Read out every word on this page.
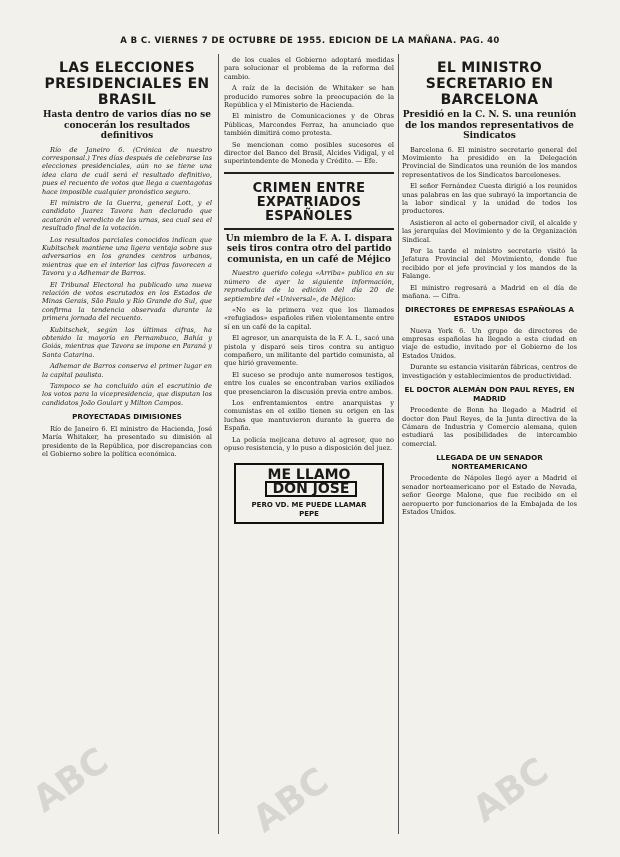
A B C. VIERNES 7 DE OCTUBRE DE 1955. EDICION DE LA MAÑANA. PAG. 40
LAS ELECCIONES PRESIDENCIALES EN BRASIL
Hasta dentro de varios días no se conocerán los resultados definitivos

Río de Janeiro 6. (Crónica de nuestro corresponsal.) Tres días después de celebrarse las elecciones presidenciales, aún no se tiene una idea clara de cuál será el resultado definitivo, pues el recuento de votos que llega a cuentagotas hace imposible cualquier pronóstico seguro.

El ministro de la Guerra, general Lott, y el candidato Juarez Tavora han declarado que acatarán el veredicto de las urnas, sea cual sea el resultado final de la votación.

Los resultados parciales conocidos indican que Kubitschek mantiene una ligera ventaja sobre sus adversarios en los grandes centros urbanos, mientras que en el interior las cifras favorecen a Tavora y a Adhemar de Barros.

El Tribunal Electoral ha publicado una nueva relación de votos escrutados en los Estados de Minas Gerais, São Paulo y Río Grande do Sul, que confirma la tendencia observada durante la primera jornada del recuento.

Kubitschek, según las últimas cifras, ha obtenido la mayoría en Pernambuco, Bahía y Goiás, mientras que Tavora se impone en Paraná y Santa Catarina.

Adhemar de Barros conserva el primer lugar en la capital paulista.

Tampoco se ha concluido aún el escrutinio de los votos para la vicepresidencia, que disputan los candidatos João Goulart y Milton Campos.

PROYECTADAS DIMISIONES

Río de Janeiro 6. El ministro de Hacienda, José María Whitaker, ha presentado su dimisión al presidente de la República, por discrepancias con el Gobierno sobre la política económica.

de los cuales el Gobierno adoptará medidas para solucionar el problema de la reforma del cambio.

A raíz de la decisión de Whitaker se han producido rumores sobre la preocupación de la República y el Ministerio de Hacienda.

El ministro de Comunicaciones y de Obras Públicas, Marcondes Ferraz, ha anunciado que también dimitirá como protesta.

Se mencionan como posibles sucesores el director del Banco del Brasil, Alcides Vidigal, y el superintendente de Moneda y Crédito. — Efe.

CRIMEN ENTRE EXPATRIADOS ESPAÑOLES
Un miembro de la F. A. I. dispara seis tiros contra otro del partido comunista, en un café de Méjico

Nuestro querido colega «Arriba» publica en su número de ayer la siguiente información, reproducida de la edición del día 20 de septiembre del «Universal», de Méjico:

«No es la primera vez que los llamados «refugiados» españoles riñen violentamente entre sí en un café de la capital.

El agresor, un anarquista de la F. A. I., sacó una pistola y disparó seis tiros contra su antiguo compañero, un militante del partido comunista, al que hirió gravemente.

El suceso se produjo ante numerosos testigos, entre los cuales se encontraban varios exiliados que presenciaron la discusión previa entre ambos.

Los enfrentamientos entre anarquistas y comunistas en el exilio tienen su origen en las luchas que mantuvieron durante la guerra de España.

La policía mejicana detuvo al agresor, que no opuso resistencia, y lo puso a disposición del juez.

ME LLAMO DON JOSE
PERO VD. ME PUEDE LLAMAR PEPE
EL MINISTRO SECRETARIO EN BARCELONA
Presidió en la C. N. S. una reunión de los mandos representativos de Sindicatos

Barcelona 6. El ministro secretario general del Movimiento ha presidido en la Delegación Provincial de Sindicatos una reunión de los mandos representativos de los Sindicatos barceloneses.

El señor Fernández Cuesta dirigió a los reunidos unas palabras en las que subrayó la importancia de la labor sindical y la unidad de todos los productores.

Asistieron al acto el gobernador civil, el alcalde y las jerarquías del Movimiento y de la Organización Sindical.

Por la tarde el ministro secretario visitó la Jefatura Provincial del Movimiento, donde fue recibido por el jefe provincial y los mandos de la Falange.

El ministro regresará a Madrid en el día de mañana. — Cifra.

DIRECTORES DE EMPRESAS ESPAÑOLAS A ESTADOS UNIDOS

Nueva York 6. Un grupo de directores de empresas españolas ha llegado a esta ciudad en viaje de estudio, invitado por el Gobierno de los Estados Unidos.

Durante su estancia visitarán fábricas, centros de investigación y establecimientos de productividad.

EL DOCTOR ALEMÁN DON PAUL REYES, EN MADRID

Procedente de Bonn ha llegado a Madrid el doctor don Paul Reyes, de la Junta directiva de la Cámara de Industria y Comercio alemana, quien estudiará las posibilidades de intercambio comercial.

LLEGADA DE UN SENADOR NORTEAMERICANO

Procedente de Nápoles llegó ayer a Madrid el senador norteamericano por el Estado de Nevada, señor George Malone, que fue recibido en el aeropuerto por funcionarios de la Embajada de los Estados Unidos.

ABC	ABC	ABC
